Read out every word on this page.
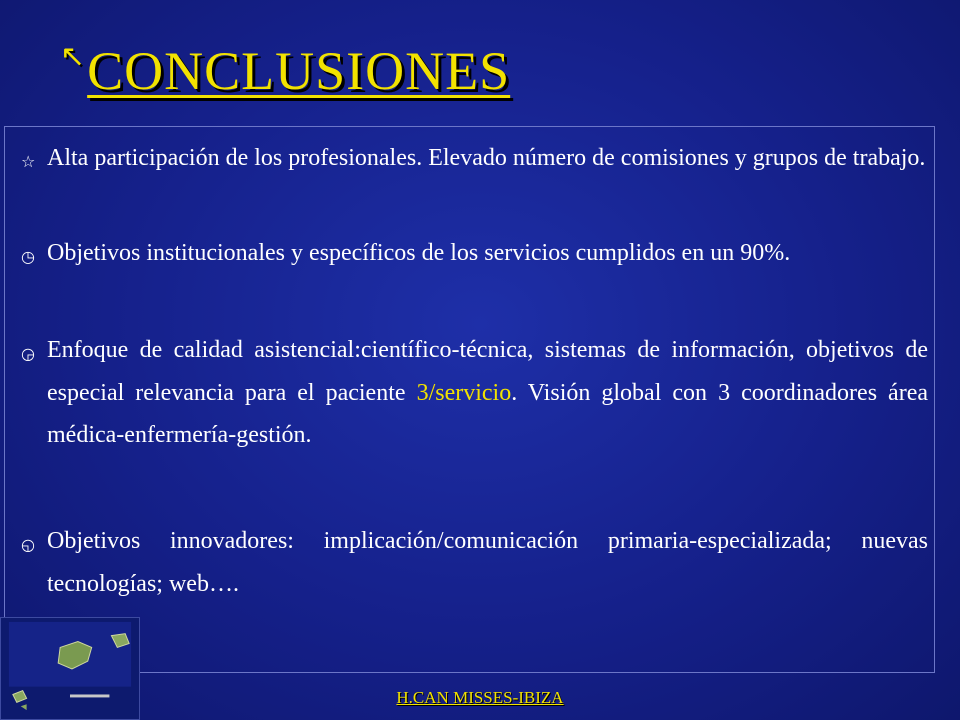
↖ CONCLUSIONES
☆ Alta participación de los profesionales. Elevado número de comisiones y grupos de trabajo.
◷ Objetivos institucionales y específicos de los servicios cumplidos en un 90%.
◶ Enfoque de calidad asistencial:científico-técnica, sistemas de información, objetivos de especial relevancia para el paciente 3/servicio. Visión global con 3 coordinadores área médica-enfermería-gestión.
◵ Objetivos innovadores: implicación/comunicación primaria-especializada; nuevas tecnologías; web….
H.CAN MISSES-IBIZA
